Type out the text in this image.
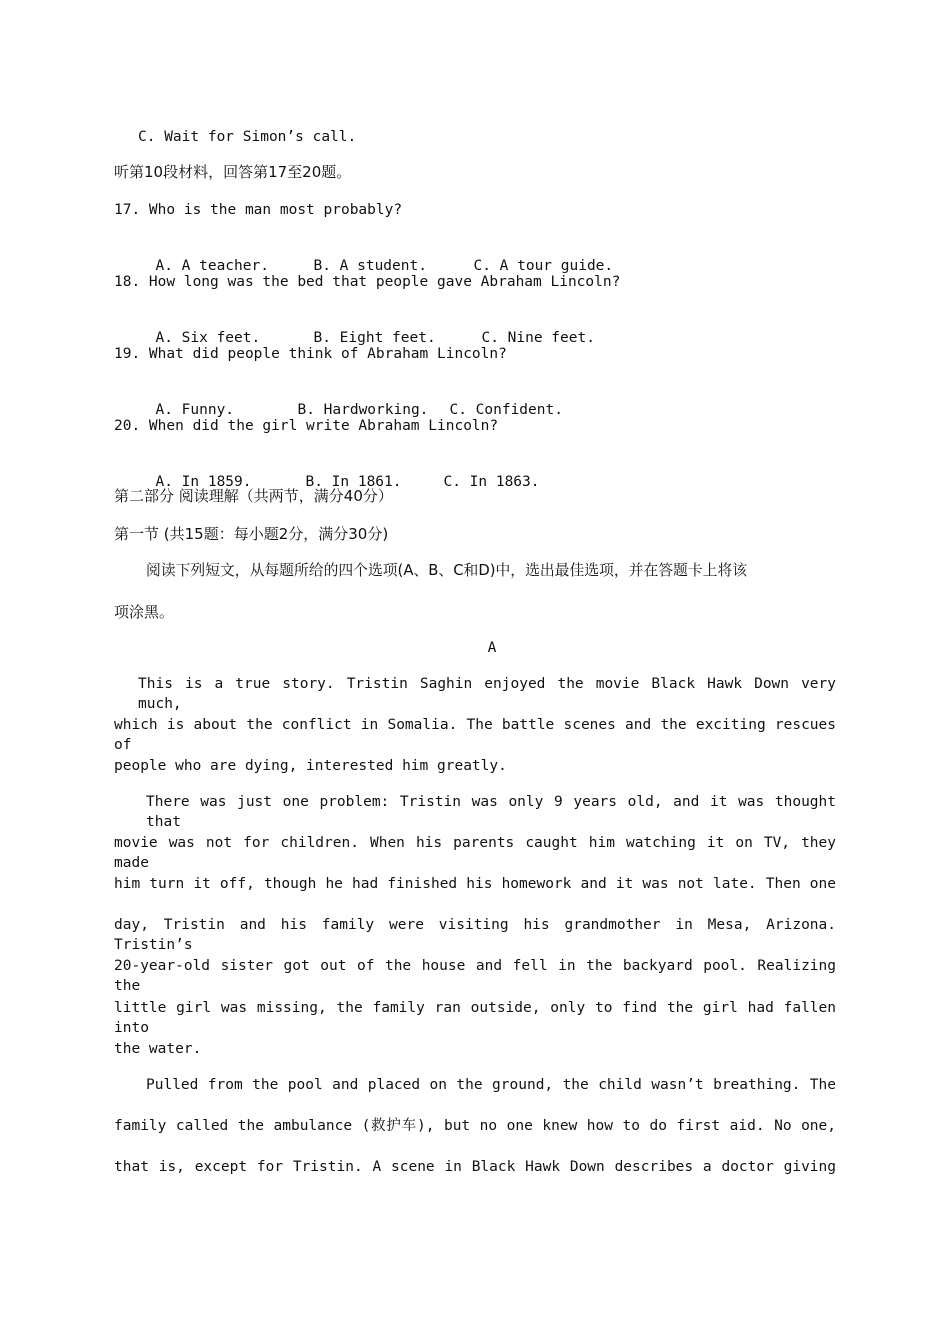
C. Wait for Simon’s call.
听第10段材料，回答第17至20题。
17. Who is the man most probably?

A. A teacher.	B. A student.	C. A tour guide.

18. How long was the bed that people gave Abraham Lincoln?

A. Six feet.	B. Eight feet.	C. Nine feet.

19. What did people think of Abraham Lincoln?

A. Funny.	B. Hardworking. C. Confident.

20. When did the girl write Abraham Lincoln?

A. In 1859.	B. In 1861.	C. In 1863.

第二部分 阅读理解（共两节，满分40分）
第一节 (共15题：每小题2分，满分30分)
阅读下列短文，从每题所给的四个选项(A、B、C和D)中，选出最佳选项，并在答题卡上将该
项涂黑。
A
This is a true story. Tristin Saghin enjoyed the movie Black Hawk Down very much,
which is about the conflict in Somalia. The battle scenes and the exciting rescues of
people who are dying, interested him greatly.
There was just one problem: Tristin was only 9 years old, and it was thought that
movie was not for children. When his parents caught him watching it on TV, they made
him turn it off, though he had finished his homework and it was not late. Then one
day, Tristin and his family were visiting his grandmother in Mesa, Arizona. Tristin’s
20-year-old sister got out of the house and fell in the backyard pool. Realizing the
little girl was missing, the family ran outside, only to find the girl had fallen into
the water.
Pulled from the pool and placed on the ground, the child wasn’t breathing. The
family called the ambulance (救护车), but no one knew how to do first aid. No one,
that is, except for Tristin. A scene in Black Hawk Down describes a doctor giving
